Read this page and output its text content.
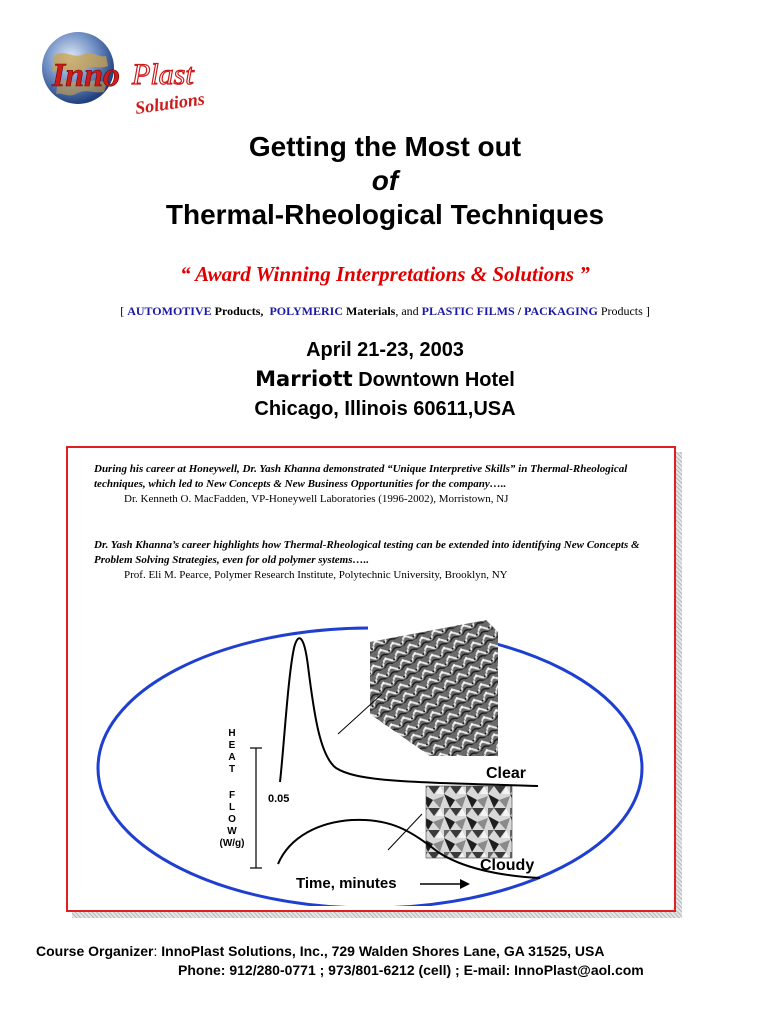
Inno Plast
Solutions
Getting the Most out
of
Thermal-Rheological Techniques
“ Award Winning Interpretations & Solutions ”
[ AUTOMOTIVE Products, POLYMERIC Materials, and PLASTIC FILMS / PACKAGING Products ]
April 21-23, 2003
Marriott Downtown Hotel
Chicago, Illinois 60611,USA
During his career at Honeywell, Dr. Yash Khanna demonstrated “Unique Interpretive Skills” in Thermal-Rheological techniques, which led to New Concepts & New Business Opportunities for the company…..
Dr. Kenneth O. MacFadden, VP-Honeywell Laboratories (1996-2002), Morristown, NJ
Dr. Yash Khanna’s career highlights how Thermal-Rheological testing can be extended into identifying New Concepts & Problem Solving Strategies, even for old polymer systems…..
Prof. Eli M. Pearce, Polymer Research Institute, Polytechnic University, Brooklyn, NY
H
E
A
T
F
L
O
W
(W/g)
0.05
Clear
Cloudy
Time, minutes
Course Organizer: InnoPlast Solutions, Inc., 729 Walden Shores Lane, GA 31525, USA
Phone: 912/280-0771 ; 973/801-6212 (cell) ; E-mail: InnoPlast@aol.com
